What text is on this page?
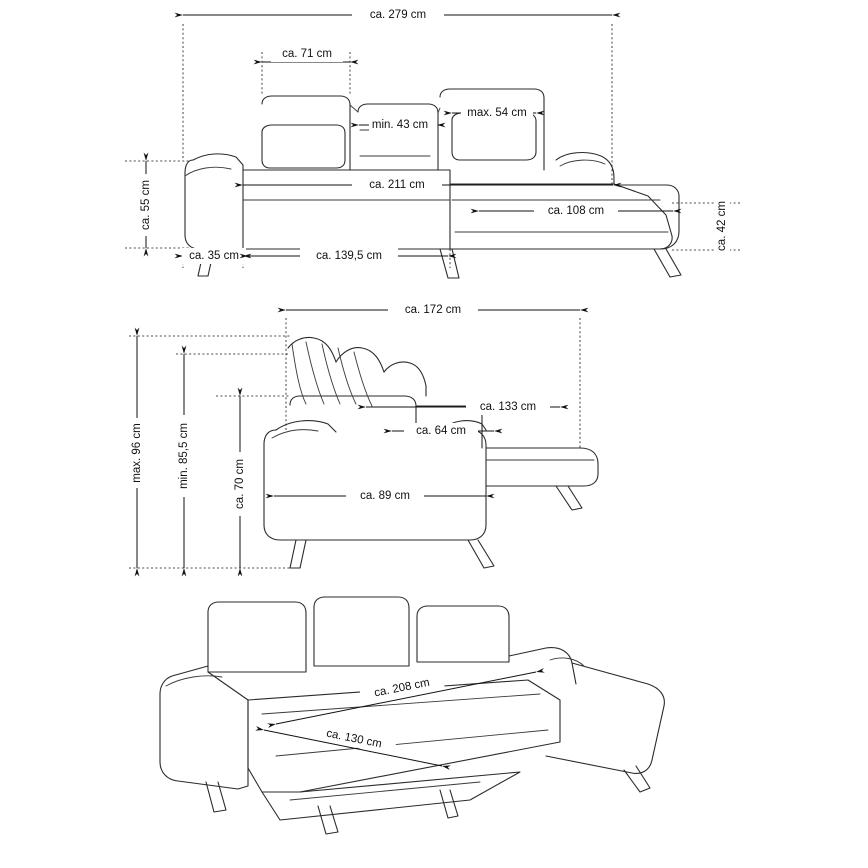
ca. 279 cm
ca. 71 cm
min. 43 cm
max. 54 cm
ca. 211 cm
ca. 108 cm
ca. 55 cm
ca. 35 cm	ca. 139,5 cm
ca. 42 cm
ca. 172 cm
ca. 133 cm
ca. 64 cm
ca. 89 cm
max. 96 cm	min. 85,5 cm	ca. 70 cm
ca. 208 cm
ca. 130 cm
